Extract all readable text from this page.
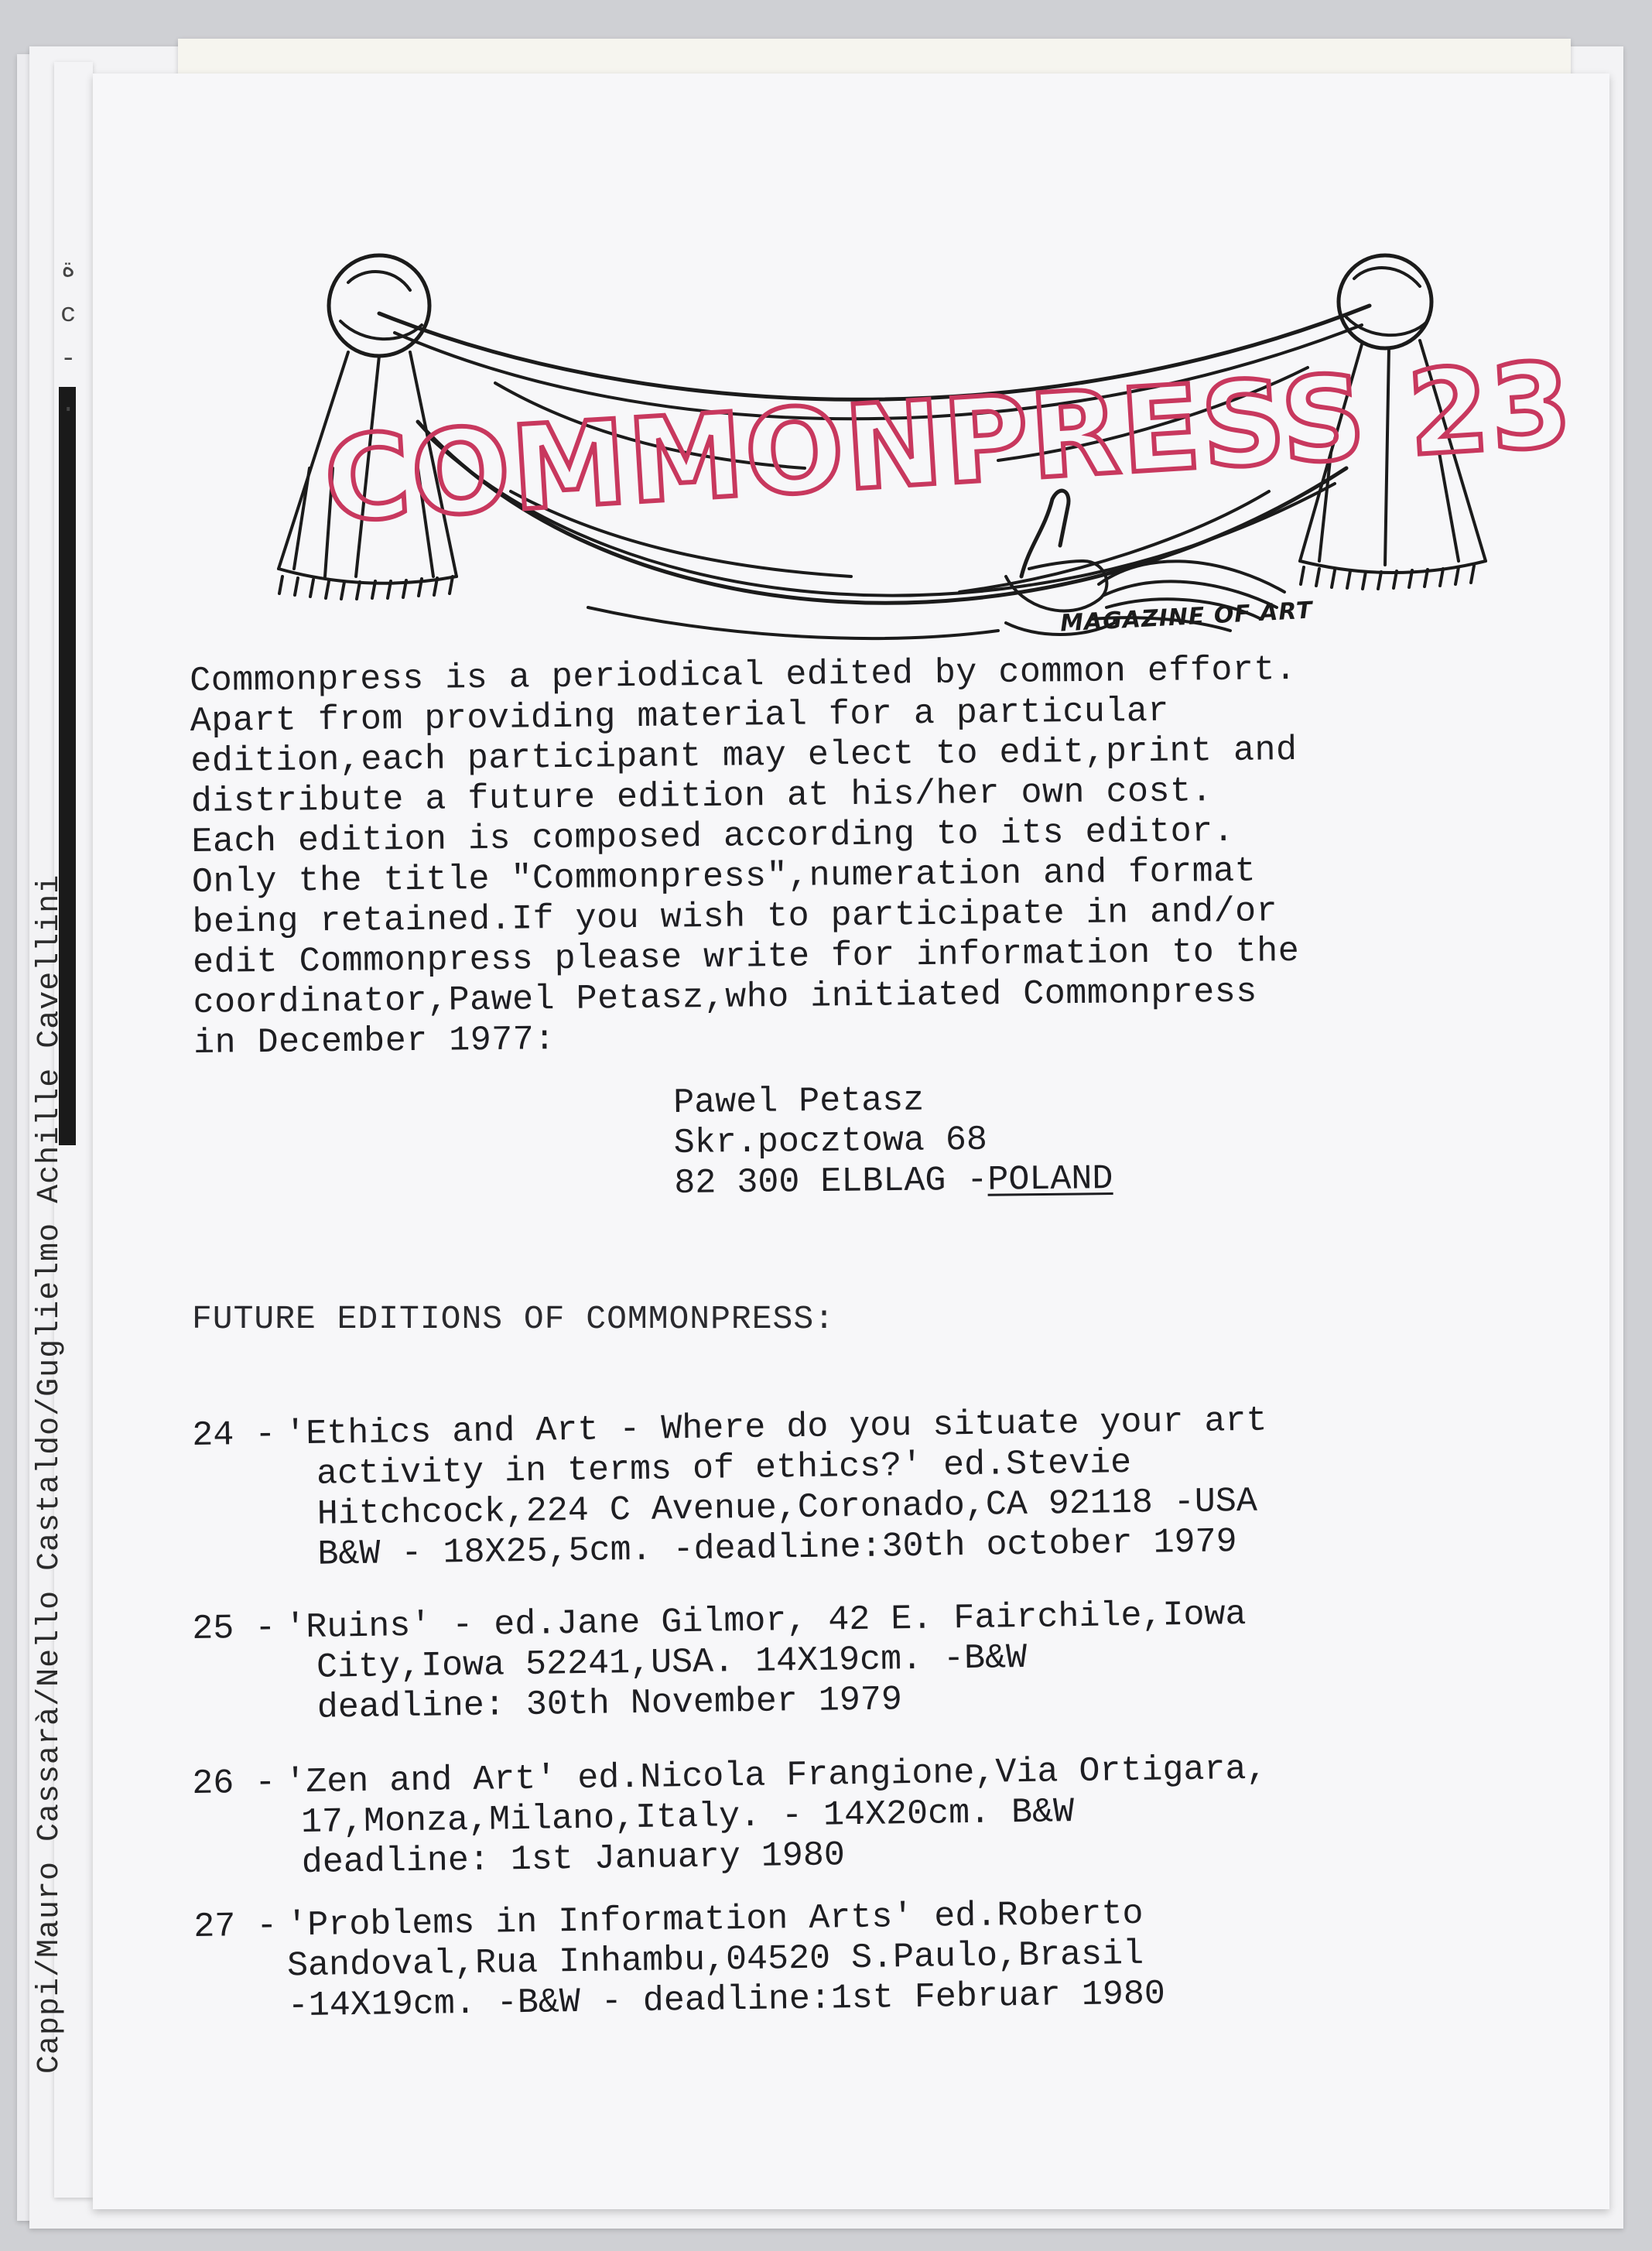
ة
c
-
.
Cappi/Mauro Cassarà/Nello Castaldo/Guglielmo Achille Cavellini
COMMONPRESS 23
MAGAZINE OF ART
Commonpress is a periodical edited by common effort.
Apart from providing material for a particular
edition,each participant may elect to edit,print and
distribute a future edition at his/her own cost.
Each edition is composed according to its editor.
Only the title "Commonpress",numeration and format
being retained.If you wish to participate in and/or
edit Commonpress please write for information to the
coordinator,Pawel Petasz,who initiated Commonpress
in December 1977:
Pawel Petasz
Skr.pocztowa 68
82 300 ELBLAG -POLAND
FUTURE EDITIONS OF COMMONPRESS:
24 - 'Ethics and Art - Where do you situate your art
activity in terms of ethics?' ed.Stevie
Hitchcock,224 C Avenue,Coronado,CA 92118 -USA
B&W - 18X25,5cm. -deadline:30th october 1979
25 - 'Ruins' - ed.Jane Gilmor, 42 E. Fairchile,Iowa
City,Iowa 52241,USA. 14X19cm. -B&W
deadline: 30th November 1979
26 - 'Zen and Art' ed.Nicola Frangione,Via Ortigara,
17,Monza,Milano,Italy. - 14X20cm. B&W
deadline: 1st January 1980
27 - 'Problems in Information Arts' ed.Roberto
Sandoval,Rua Inhambu,04520 S.Paulo,Brasil
-14X19cm. -B&W - deadline:1st Februar 1980
